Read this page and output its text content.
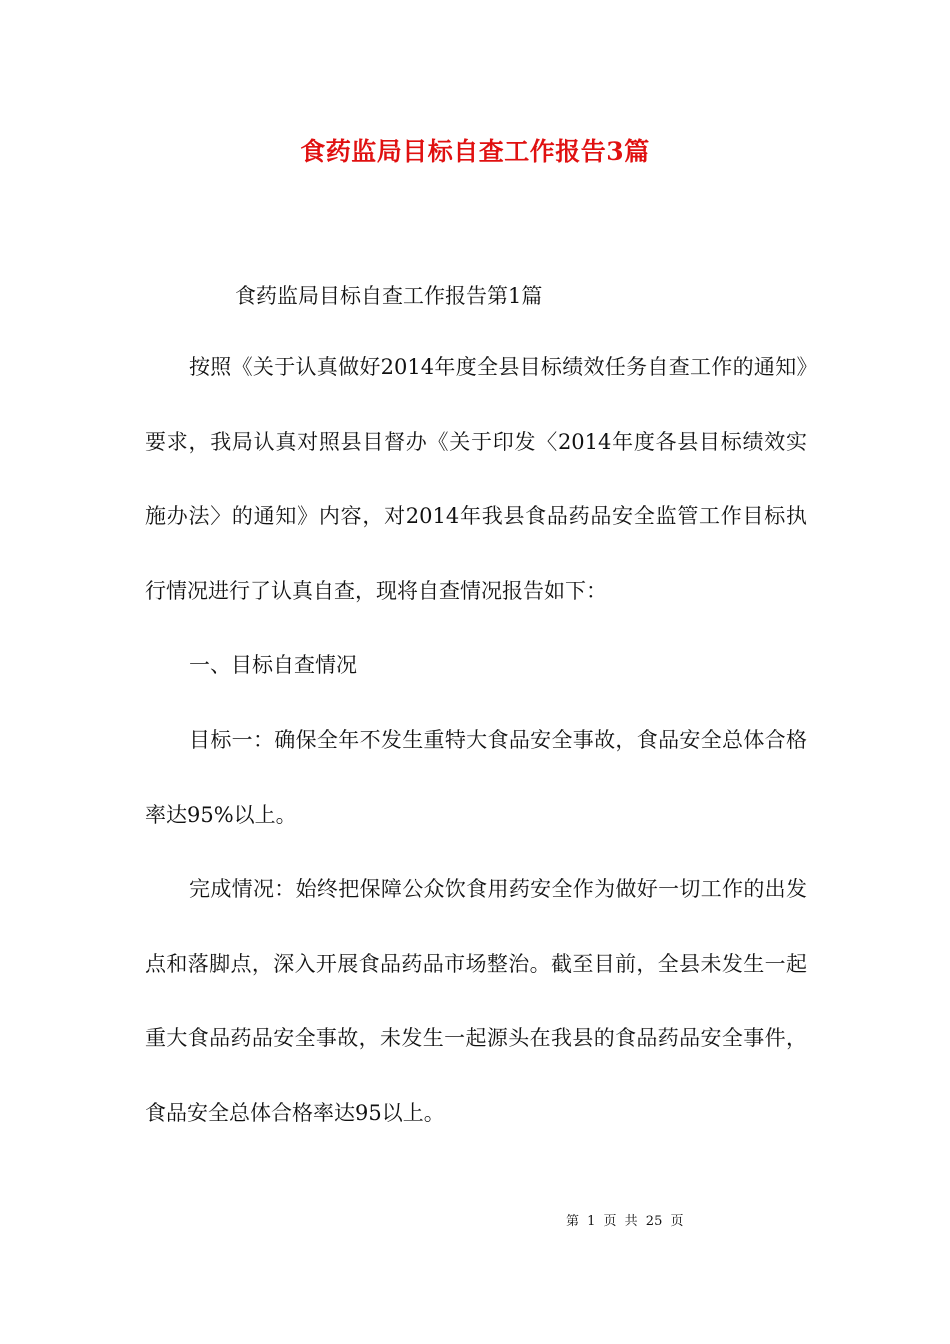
食药监局目标自查工作报告3篇

食药监局目标自查工作报告第1篇

按照《关于认真做好2014年度全县目标绩效任务自查工作的通知》要求，我局认真对照县目督办《关于印发〈2014年度各县目标绩效实施办法〉的通知》内容，对2014年我县食品药品安全监管工作目标执行情况进行了认真自查，现将自查情况报告如下：

一、目标自查情况

目标一：确保全年不发生重特大食品安全事故，食品安全总体合格率达95%以上。

完成情况：始终把保障公众饮食用药安全作为做好一切工作的出发点和落脚点，深入开展食品药品市场整治。截至目前，全县未发生一起重大食品药品安全事故，未发生一起源头在我县的食品药品安全事件，食品安全总体合格率达95以上。

第 1 页 共 25 页
